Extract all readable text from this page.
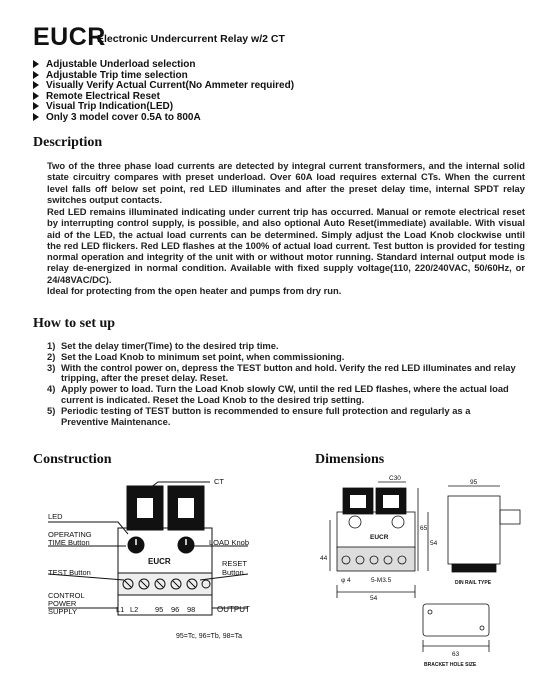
EUCR
Electronic Undercurrent Relay w/2 CT
Adjustable Underload selection
Adjustable Trip time selection
Visually Verify Actual Current(No Ammeter required)
Remote Electrical Reset
Visual Trip Indication(LED)
Only 3 model cover 0.5A to 800A
Description

Two of the three phase load currents are detected by integral current transformers, and the internal solid state circuitry compares with preset underload. Over 60A load requires external CTs. When the current level falls off below set point, red LED illuminates and after the preset delay time, internal SPDT relay switches output contacts.

Red LED remains illuminated indicating under current trip has occurred. Manual or remote electrical reset by interrupting control supply, is possible, and also optional Auto Reset(immediate) available. With visual aid of the LED, the actual load currents can be determined. Simply adjust the Load Knob clockwise until the red LED flickers. Red LED flashes at the 100% of actual load current. Test button is provided for testing normal operation and integrity of the unit with or without motor running. Standard internal output mode is relay de-energized in normal condition. Available with fixed supply voltage(110, 220/240VAC, 50/60Hz, or 24/48VAC/DC).

Ideal for protecting from the open heater and pumps from dry run.

How to set up
1) Set the delay timer(Time) to the desired trip time.
2) Set the Load Knob to minimum set point, when commissioning.
3) With the control power on, depress the TEST button and hold. Verify the red LED illuminates and relay tripping, after the preset delay. Reset.
4) Apply power to load. Turn the Load Knob slowly CW, until the red LED flashes, where the actual load current is indicated. Reset the Load Knob to the desired trip setting.
5) Periodic testing of TEST button is recommended to ensure full protection and regularly as a Preventive Maintenance.
Construction	Dimensions
CT
LED
OPERATING
TIME Button	LOAD Knob
RESET
Button
TEST Button
CONTROL
POWER
SUPPLY	OUTPUT
EUCR
L1 L2 95 96 98
95=Tc, 96=Tb, 98=Ta
C30
65
54
44
φ 4	5-M3.5
54
95
63
EUCR
DIN RAIL TYPE
BRACKET HOLE SIZE
